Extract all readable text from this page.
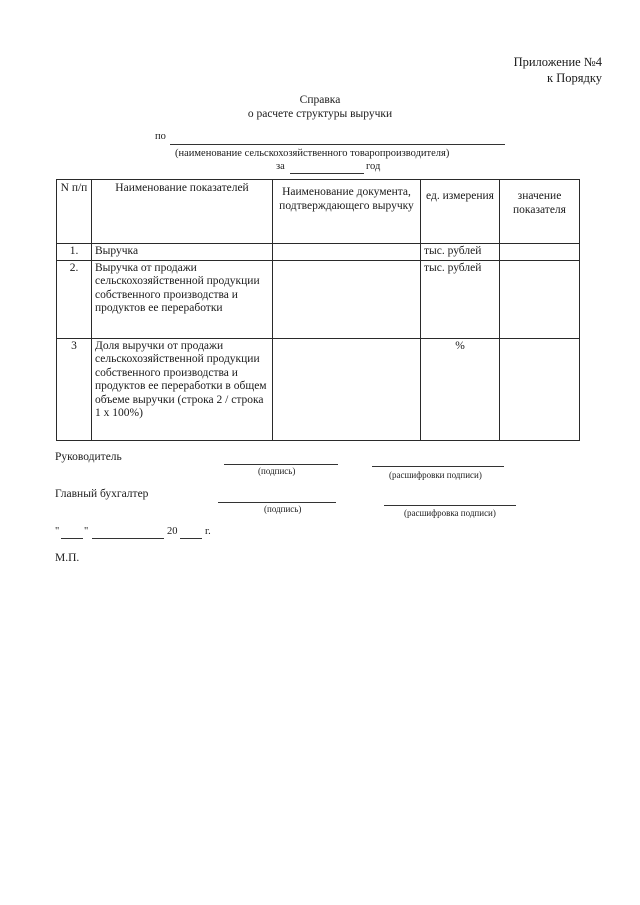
Приложение №4
к Порядку
Справка
о расчете структуры выручки
по
(наименование сельскохозяйственного товаропроизводителя)
за	год
N п/п	Наименование показателей	Наименование документа, подтверждающего выручку	ед. измерения	значение показателя
1.	Выручка		тыс. рублей	
2.	Выручка от продажи сельскохозяйственной продукции собственного производства и продуктов ее переработки		тыс. рублей	
3	Доля выручки от продажи сельскохозяйственной продукции собственного производства и продуктов ее переработки в общем объеме выручки (строка 2 / строка 1 x 100%)		%	
Руководитель
(подпись)	(расшифровки подписи)
Главный бухгалтер
(подпись)	(расшифровка подписи)
" "	20	г.
М.П.
